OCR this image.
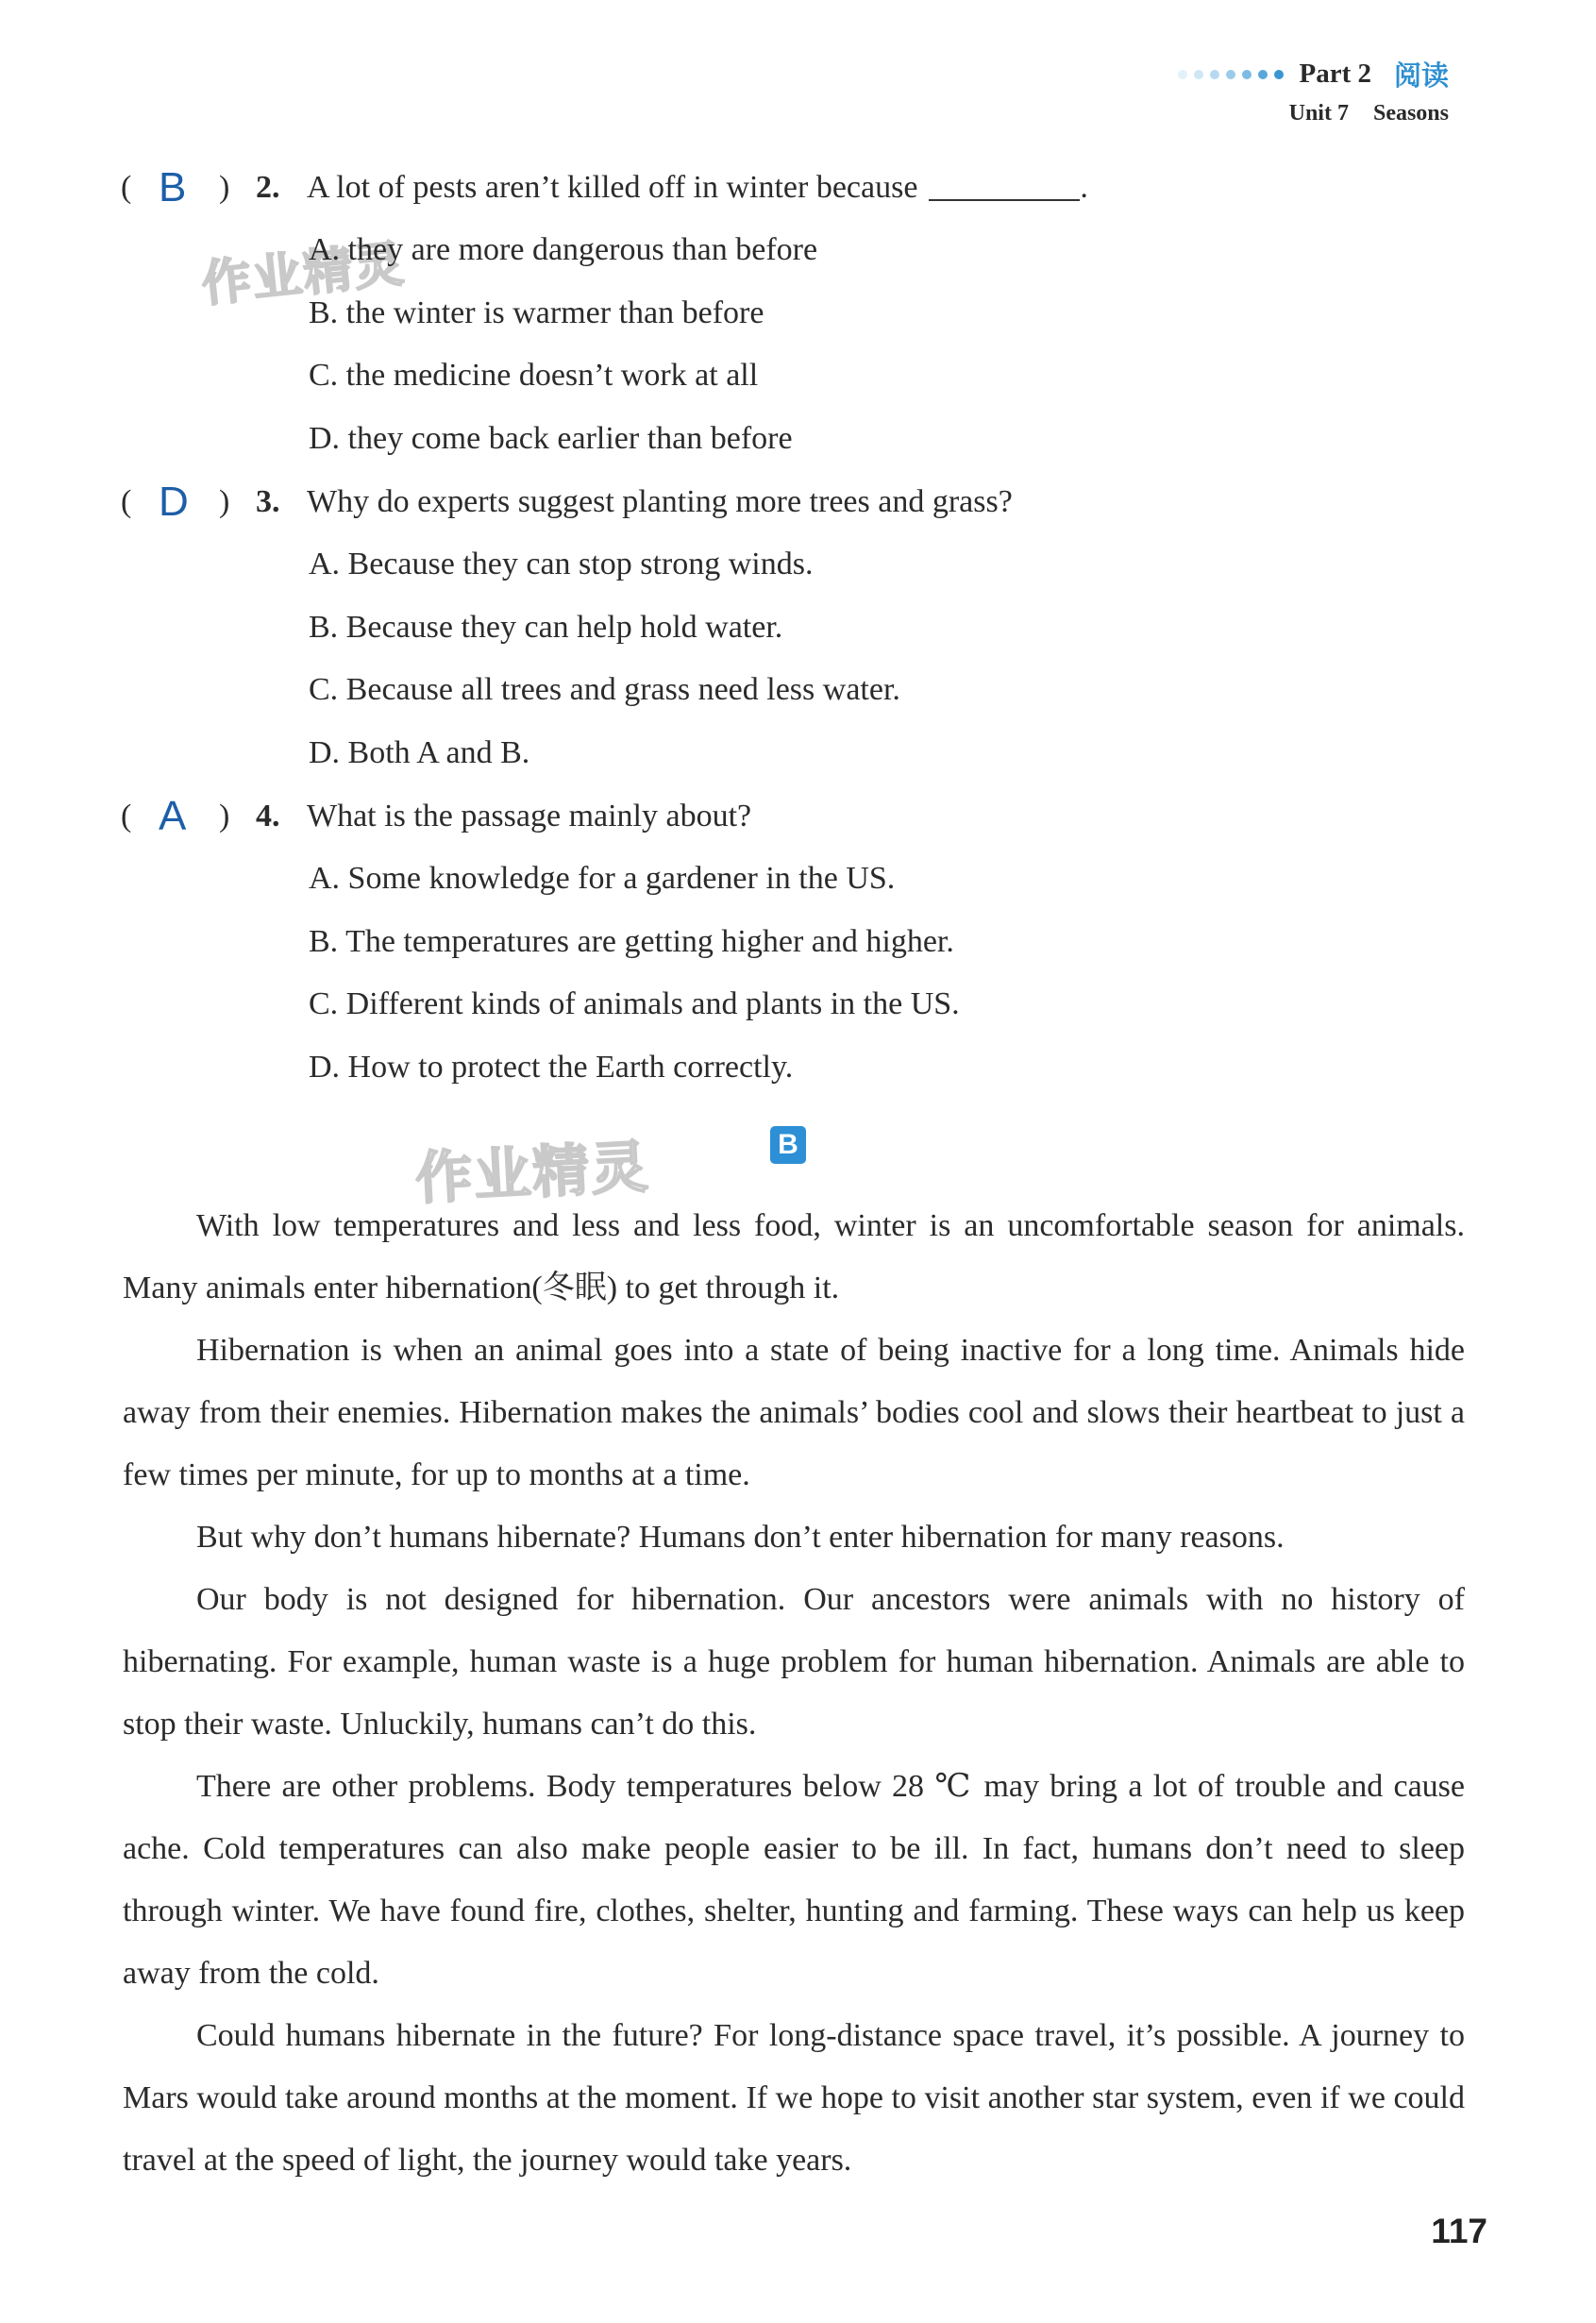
Part 2 阅读
Unit 7 Seasons
作业精灵
作业精灵
( B ) 2. A lot of pests aren’t killed off in winter because	.
A. they are more dangerous than before
B. the winter is warmer than before
C. the medicine doesn’t work at all
D. they come back earlier than before
( D ) 3. Why do experts suggest planting more trees and grass?
A. Because they can stop strong winds.
B. Because they can help hold water.
C. Because all trees and grass need less water.
D. Both A and B.
( A ) 4. What is the passage mainly about?
A. Some knowledge for a gardener in the US.
B. The temperatures are getting higher and higher.
C. Different kinds of animals and plants in the US.
D. How to protect the Earth correctly.
B

With low temperatures and less and less food, winter is an uncomfortable season for animals. Many animals enter hibernation(冬眠) to get through it.

Hibernation is when an animal goes into a state of being inactive for a long time. Animals hide away from their enemies. Hibernation makes the animals’ bodies cool and slows their heartbeat to just a few times per minute, for up to months at a time.

But why don’t humans hibernate? Humans don’t enter hibernation for many reasons.

Our body is not designed for hibernation. Our ancestors were animals with no history of hibernating. For example, human waste is a huge problem for human hibernation. Animals are able to stop their waste. Unluckily, humans can’t do this.

There are other problems. Body temperatures below 28 ℃ may bring a lot of trouble and cause ache. Cold temperatures can also make people easier to be ill. In fact, humans don’t need to sleep through winter. We have found fire, clothes, shelter, hunting and farming. These ways can help us keep away from the cold.

Could humans hibernate in the future? For long-distance space travel, it’s possible. A journey to Mars would take around months at the moment. If we hope to visit another star system, even if we could travel at the speed of light, the journey would take years.

117
